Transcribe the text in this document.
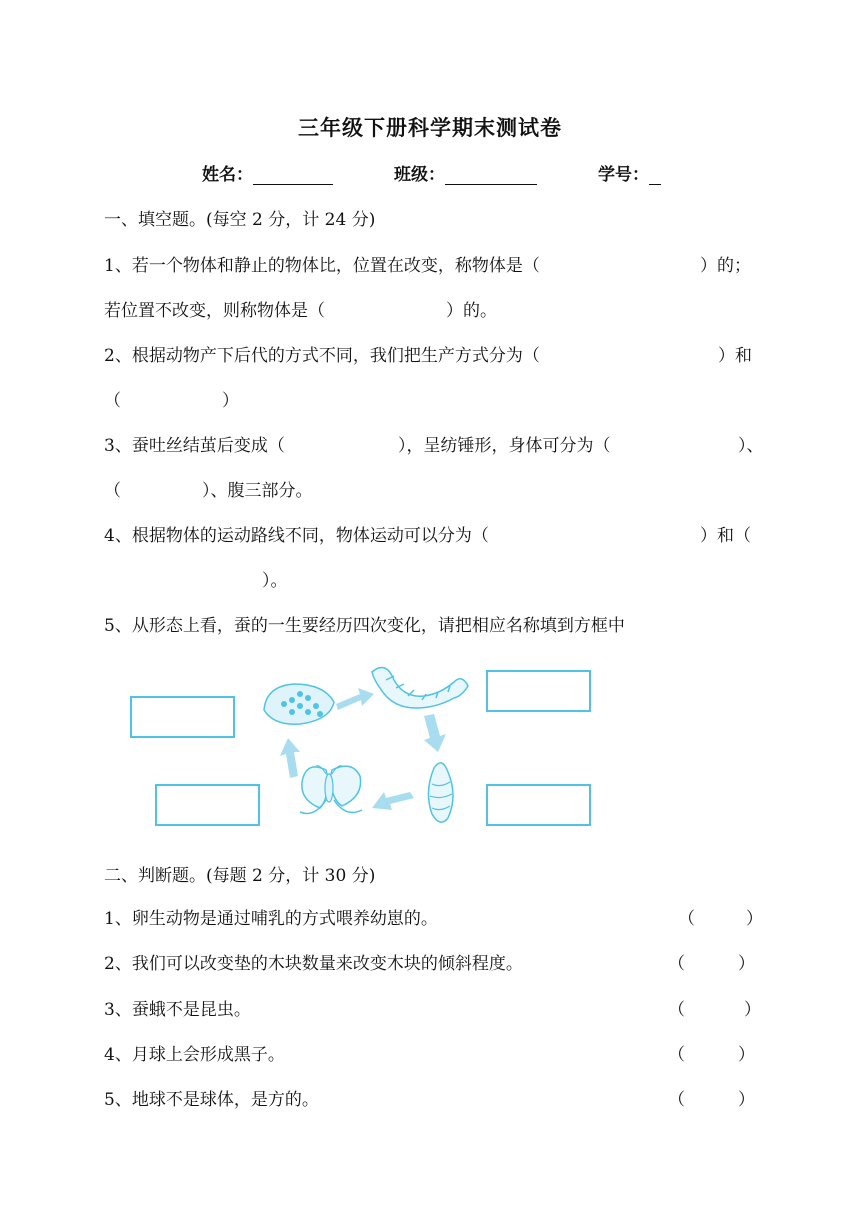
三年级下册科学期末测试卷
姓名：	班级：	学号：
一、填空题。(每空 2 分，计 24 分)
1、若一个物体和静止的物体比，位置在改变，称物体是（	）的；
若位置不改变，则称物体是（	）的。
2、根据动物产下后代的方式不同，我们把生产方式分为（	）和
（	）
3、蚕吐丝结茧后变成（	），呈纺锤形，身体可分为（	）、
（	）、腹三部分。
4、根据物体的运动路线不同，物体运动可以分为（	）和（
）。
5、从形态上看，蚕的一生要经历四次变化，请把相应名称填到方框中
二、判断题。(每题 2 分，计 30 分)
1、卵生动物是通过哺乳的方式喂养幼崽的。	（	）
2、我们可以改变垫的木块数量来改变木块的倾斜程度。	（	）
3、蚕蛾不是昆虫。	（	）
4、月球上会形成黑子。	（	）
5、地球不是球体，是方的。	（	）
